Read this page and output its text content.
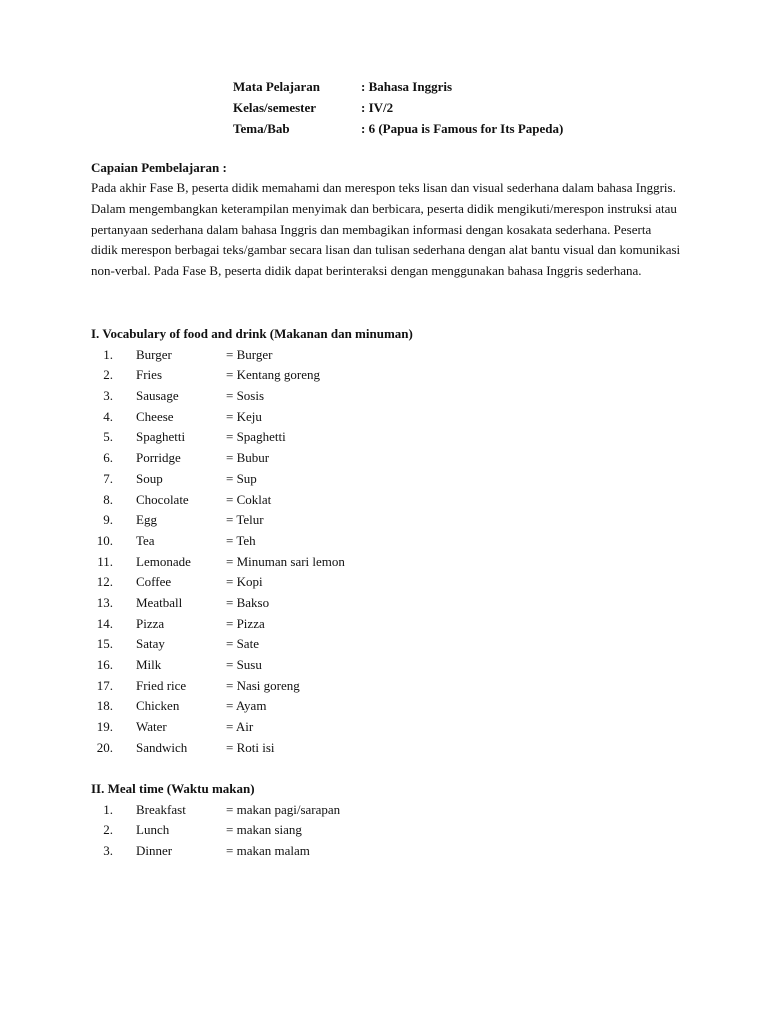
Mata Pelajaran	: Bahasa Inggris
Kelas/semester	: IV/2
Tema/Bab	: 6 (Papua is Famous for Its Papeda)
Capaian Pembelajaran :
Pada akhir Fase B, peserta didik memahami dan merespon teks lisan dan visual sederhana dalam bahasa Inggris. Dalam mengembangkan keterampilan menyimak dan berbicara, peserta didik mengikuti/merespon instruksi atau pertanyaan sederhana dalam bahasa Inggris dan membagikan informasi dengan kosakata sederhana. Peserta didik merespon berbagai teks/gambar secara lisan dan tulisan sederhana dengan alat bantu visual dan komunikasi non-verbal. Pada Fase B, peserta didik dapat berinteraksi dengan menggunakan bahasa Inggris sederhana.
I. Vocabulary of food and drink (Makanan dan minuman)
1. Burger	= Burger
2. Fries	= Kentang goreng
3. Sausage	= Sosis
4. Cheese	= Keju
5. Spaghetti	= Spaghetti
6. Porridge	= Bubur
7. Soup	= Sup
8. Chocolate	= Coklat
9. Egg	= Telur
10. Tea	= Teh
11. Lemonade	= Minuman sari lemon
12. Coffee	= Kopi
13. Meatball	= Bakso
14. Pizza	= Pizza
15. Satay	= Sate
16. Milk	= Susu
17. Fried rice	= Nasi goreng
18. Chicken	= Ayam
19. Water	= Air
20. Sandwich	= Roti isi
II. Meal time (Waktu makan)
1. Breakfast	= makan pagi/sarapan
2. Lunch	= makan siang
3. Dinner	= makan malam
